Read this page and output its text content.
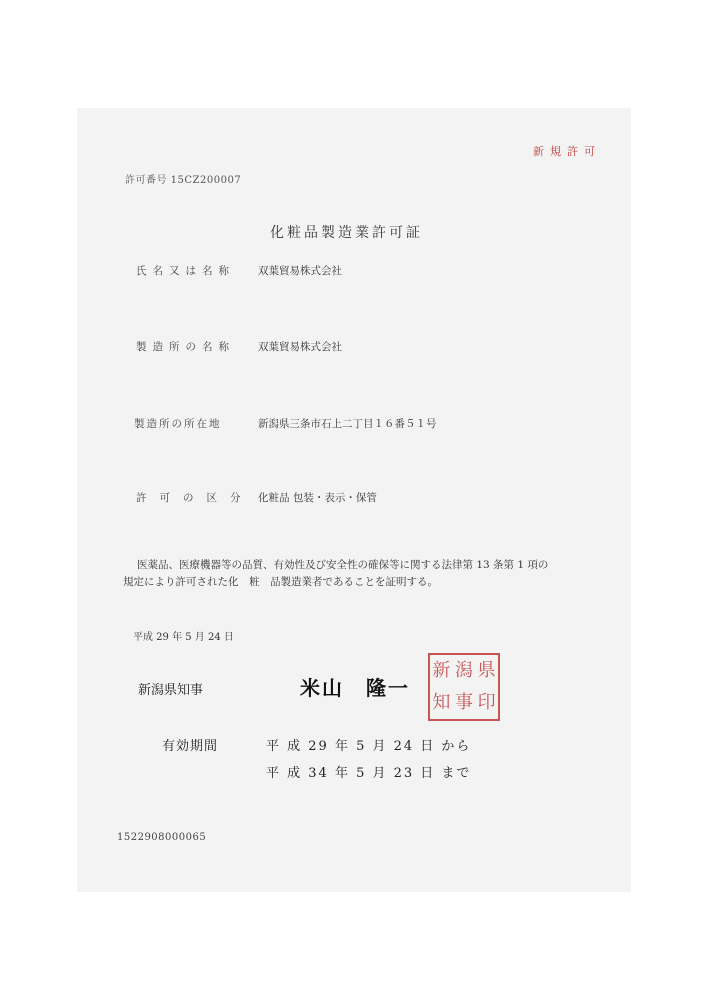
新規許可
許可番号 15CZ200007
化粧品製造業許可証
氏名又は名称 双葉貿易株式会社
製造所の名称 双葉貿易株式会社
製造所の所在地	新潟県三条市石上二丁目１６番５１号
許可の区分 化粧品 包装・表示・保管
医薬品、医療機器等の品質、有効性及び安全性の確保等に関する法律第 13 条第 1 項の
規定により許可された化　粧　品製造業者であることを証明する。
平成 29 年 5 月 24 日
新潟県知事	米山　隆一
新 潟 県
知 事 印
有効期間	平 成 29 年 5 月 24 日 から
平 成 34 年 5 月 23 日 まで
1522908000065
